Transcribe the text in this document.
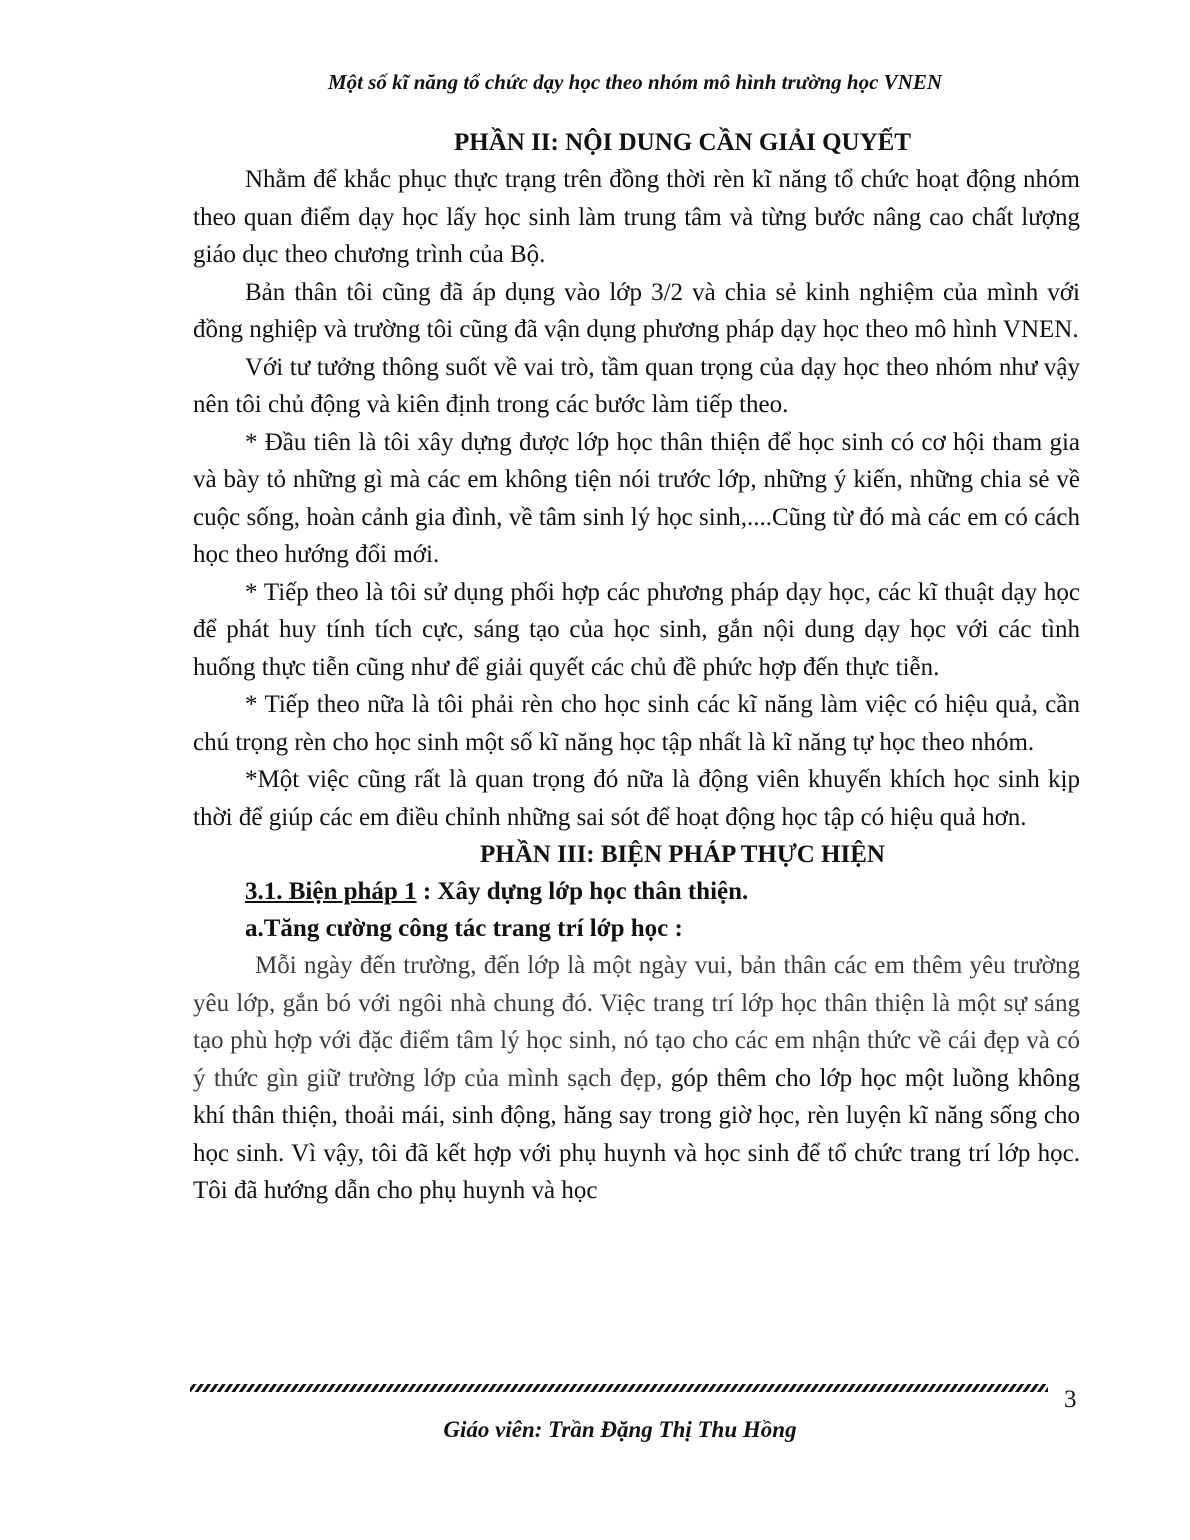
Một số kĩ năng tổ chức dạy học theo nhóm mô hình trường học VNEN
PHẦN II: NỘI DUNG CẦN GIẢI QUYẾT

Nhằm để khắc phục thực trạng trên đồng thời rèn kĩ năng tổ chức hoạt động nhóm theo quan điểm dạy học lấy học sinh làm trung tâm và từng bước nâng cao chất lượng giáo dục theo chương trình của Bộ.

Bản thân tôi cũng đã áp dụng vào lớp 3/2 và chia sẻ kinh nghiệm của mình với đồng nghiệp và trường tôi cũng đã vận dụng phương pháp dạy học theo mô hình VNEN.

Với tư tưởng thông suốt về vai trò, tầm quan trọng của dạy học theo nhóm như vậy nên tôi chủ động và kiên định trong các bước làm tiếp theo.

* Đầu tiên là tôi xây dựng được lớp học thân thiện để học sinh có cơ hội tham gia và bày tỏ những gì mà các em không tiện nói trước lớp, những ý kiến, những chia sẻ về cuộc sống, hoàn cảnh gia đình, về tâm sinh lý học sinh,....Cũng từ đó mà các em có cách học theo hướng đổi mới.

* Tiếp theo là tôi sử dụng phối hợp các phương pháp dạy học, các kĩ thuật dạy học để phát huy tính tích cực, sáng tạo của học sinh, gắn nội dung dạy học với các tình huống thực tiễn cũng như để giải quyết các chủ đề phức hợp đến thực tiễn.

* Tiếp theo nữa là tôi phải rèn cho học sinh các kĩ năng làm việc có hiệu quả, cần chú trọng rèn cho học sinh một số kĩ năng học tập nhất là kĩ năng tự học theo nhóm.

*Một việc cũng rất là quan trọng đó nữa là động viên khuyến khích học sinh kịp thời để giúp các em điều chỉnh những sai sót để hoạt động học tập có hiệu quả hơn.

PHẦN III: BIỆN PHÁP THỰC HIỆN
3.1. Biện pháp 1 : Xây dựng lớp học thân thiện.
a.Tăng cường công tác trang trí lớp học :

Mỗi ngày đến trường, đến lớp là một ngày vui, bản thân các em thêm yêu trường yêu lớp, gắn bó với ngôi nhà chung đó. Việc trang trí lớp học thân thiện là một sự sáng tạo phù hợp với đặc điểm tâm lý học sinh, nó tạo cho các em nhận thức về cái đẹp và có ý thức gìn giữ trường lớp của mình sạch đẹp, góp thêm cho lớp học một luồng không khí thân thiện, thoải mái, sinh động, hăng say trong giờ học, rèn luyện kĩ năng sống cho học sinh. Vì vậy, tôi đã kết hợp với phụ huynh và học sinh để tổ chức trang trí lớp học. Tôi đã hướng dẫn cho phụ huynh và học

3
Giáo viên: Trần Đặng Thị Thu Hồng
